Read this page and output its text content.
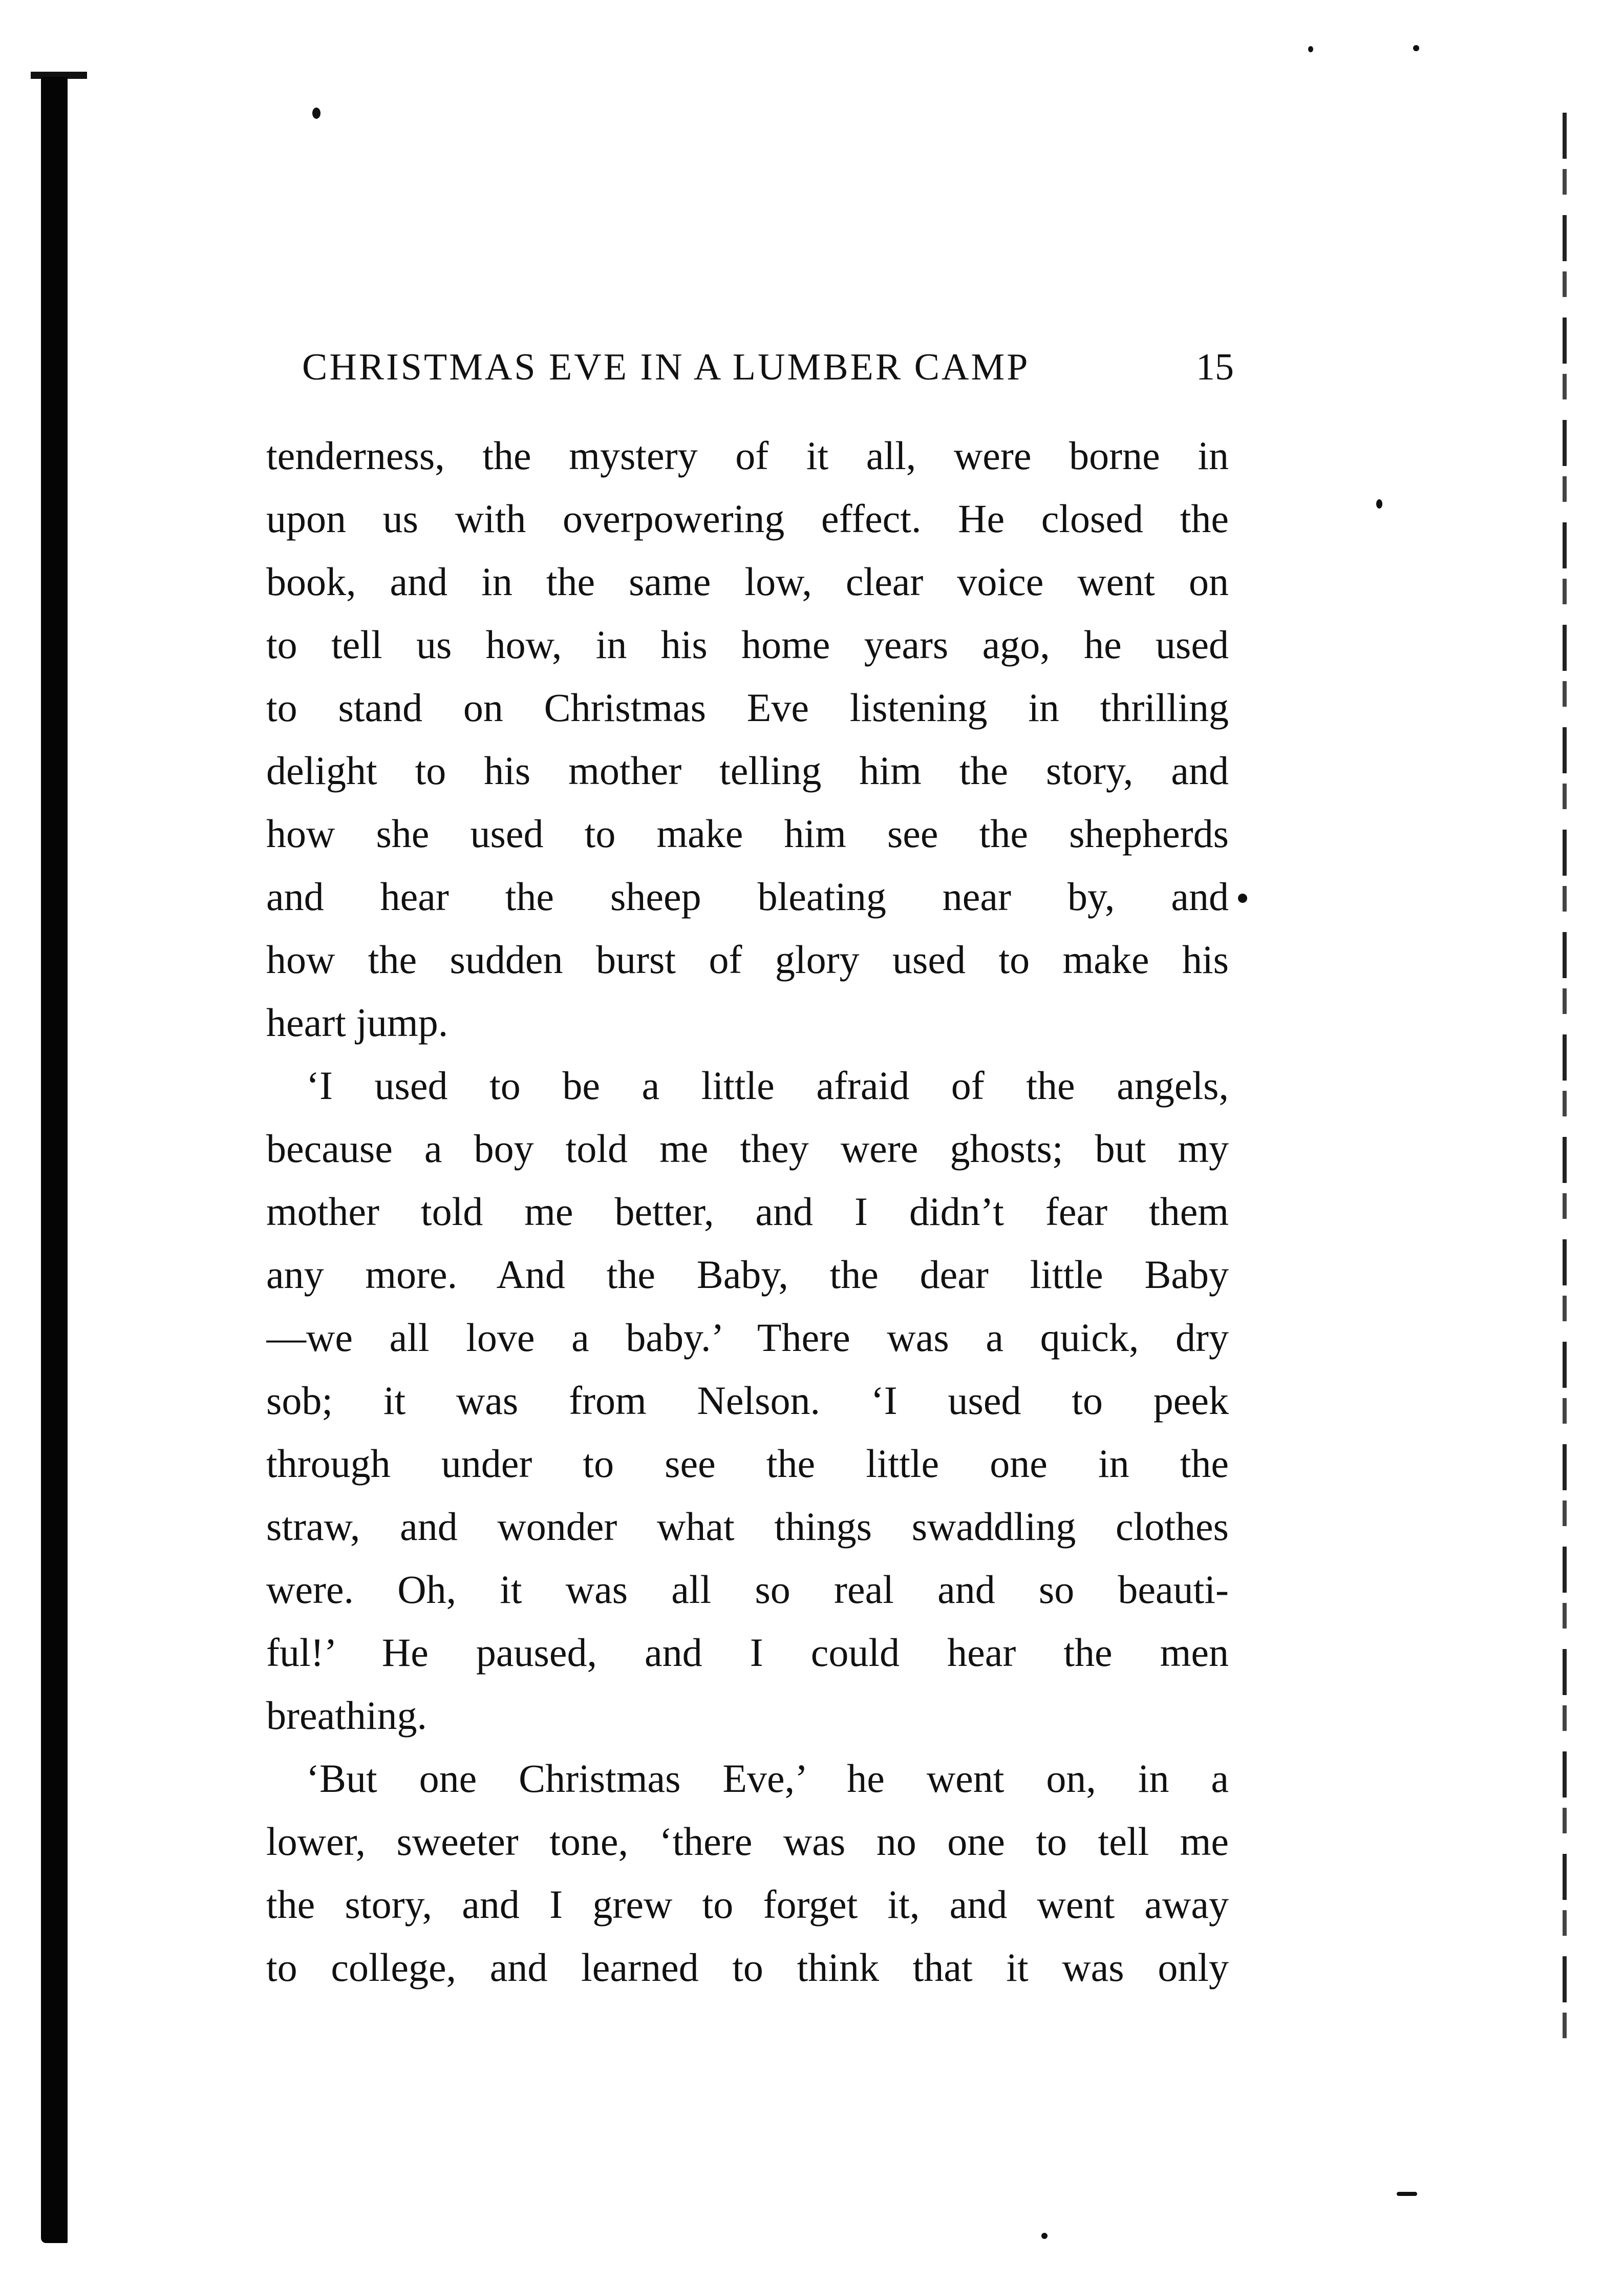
CHRISTMAS EVE IN A LUMBER CAMP	15
tenderness, the mystery of it all, were borne in
upon us with overpowering effect. He closed the
book, and in the same low, clear voice went on
to tell us how, in his home years ago, he used
to stand on Christmas Eve listening in thrilling
delight to his mother telling him the story, and
how she used to make him see the shepherds
and hear the sheep bleating near by, and
how the sudden burst of glory used to make his
heart jump.
‘I used to be a little afraid of the angels,
because a boy told me they were ghosts; but my
mother told me better, and I didn’t fear them
any more. And the Baby, the dear little Baby
—we all love a baby.’ There was a quick, dry
sob; it was from Nelson. ‘I used to peek
through under to see the little one in the
straw, and wonder what things swaddling clothes
were. Oh, it was all so real and so beauti-
ful!’ He paused, and I could hear the men
breathing.
‘But one Christmas Eve,’ he went on, in a
lower, sweeter tone, ‘there was no one to tell me
the story, and I grew to forget it, and went away
to college, and learned to think that it was only
